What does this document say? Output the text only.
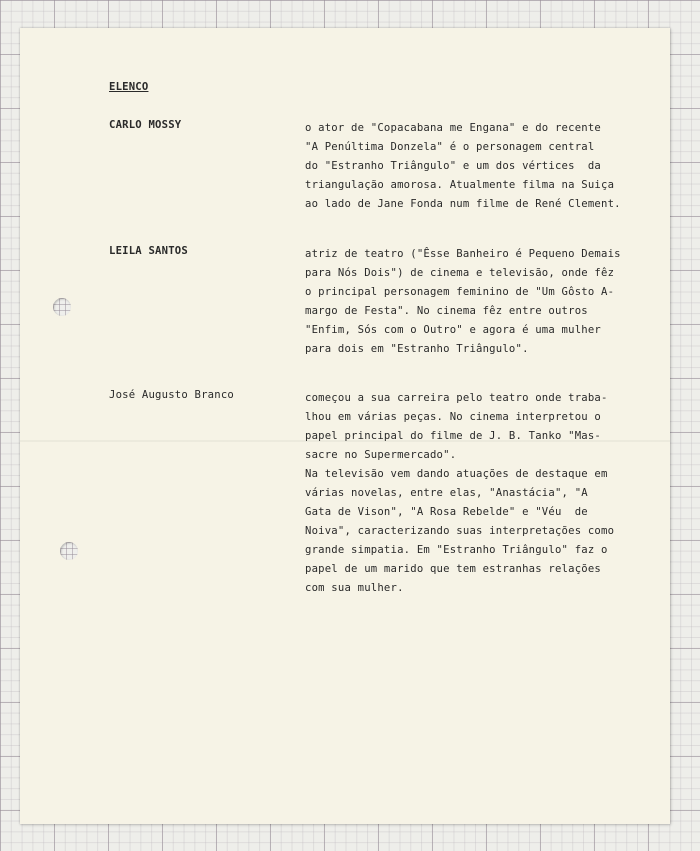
ELENCO
CARLO MOSSY	o ator de "Copacabana me Engana" e do recente
"A Penúltima Donzela" é o personagem central
do "Estranho Triângulo" e um dos vértices  da
triangulação amorosa. Atualmente filma na Suiça
ao lado de Jane Fonda num filme de René Clement.
LEILA SANTOS	atriz de teatro ("Êsse Banheiro é Pequeno Demais
para Nós Dois") de cinema e televisão, onde fêz
o principal personagem feminino de "Um Gôsto A-
margo de Festa". No cinema fêz entre outros
"Enfim, Sós com o Outro" e agora é uma mulher
para dois em "Estranho Triângulo".
José Augusto Branco	começou a sua carreira pelo teatro onde traba-
lhou em várias peças. No cinema interpretou o
papel principal do filme de J. B. Tanko "Mas-
sacre no Supermercado".
Na televisão vem dando atuações de destaque em
várias novelas, entre elas, "Anastácia", "A
Gata de Vison", "A Rosa Rebelde" e "Véu  de
Noiva", caracterizando suas interpretações como
grande simpatia. Em "Estranho Triângulo" faz o
papel de um marido que tem estranhas relações
com sua mulher.
